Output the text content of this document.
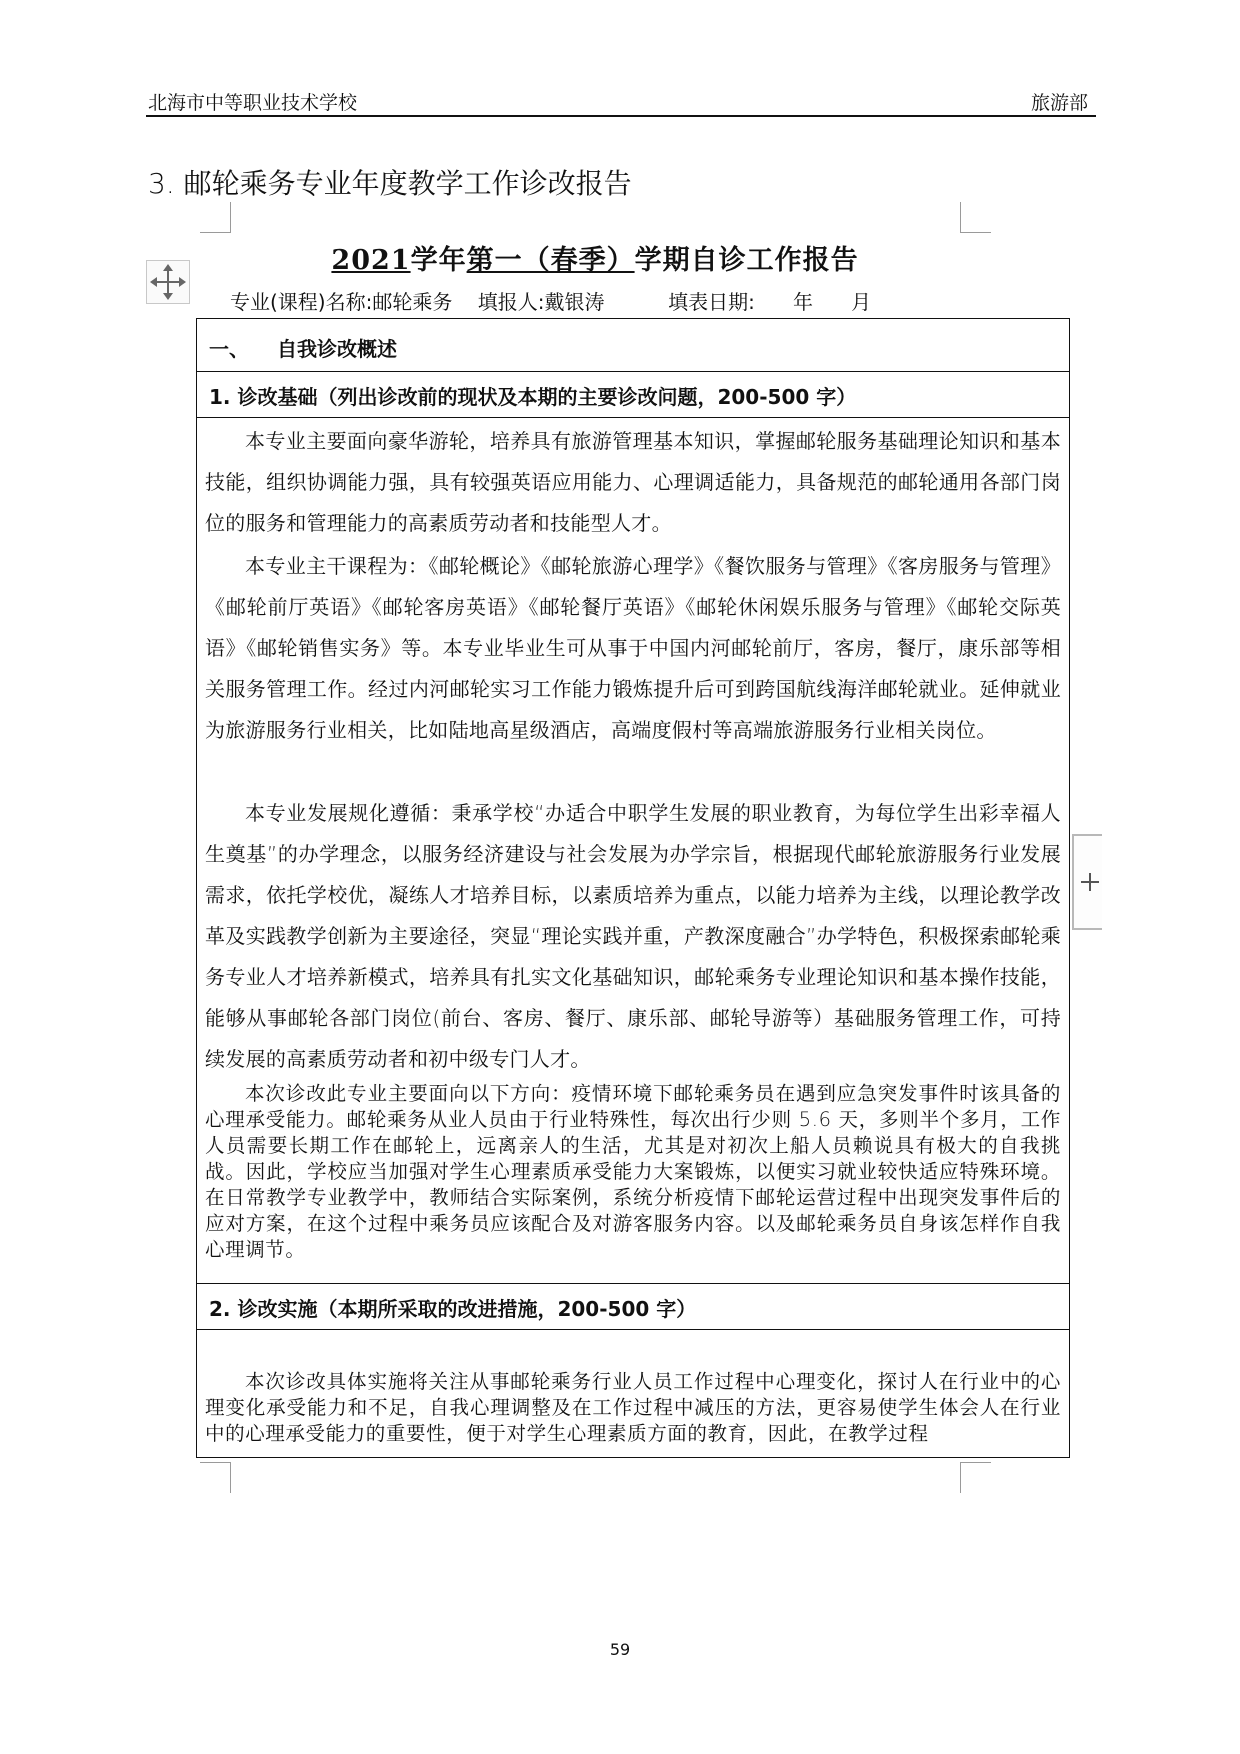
北海市中等职业技术学校	旅游部
3. 邮轮乘务专业年度教学工作诊改报告
2021学年第一（春季）学期自诊工作报告
专业(课程)名称:邮轮乘务    填报人:戴银涛          填表日期:      年      月
一、 自我诊改概述
1. 诊改基础（列出诊改前的现状及本期的主要诊改问题，200-500 字）

本专业主要面向豪华游轮，培养具有旅游管理基本知识，掌握邮轮服务基础理论知识和基本技能，组织协调能力强，具有较强英语应用能力、心理调适能力，具备规范的邮轮通用各部门岗位的服务和管理能力的高素质劳动者和技能型人才。

本专业主干课程为：《邮轮概论》《邮轮旅游心理学》《餐饮服务与管理》《客房服务与管理》《邮轮前厅英语》《邮轮客房英语》《邮轮餐厅英语》《邮轮休闲娱乐服务与管理》《邮轮交际英语》《邮轮销售实务》等。本专业毕业生可从事于中国内河邮轮前厅，客房，餐厅，康乐部等相关服务管理工作。经过内河邮轮实习工作能力锻炼提升后可到跨国航线海洋邮轮就业。延伸就业为旅游服务行业相关，比如陆地高星级酒店，高端度假村等高端旅游服务行业相关岗位。

本专业发展规化遵循：秉承学校“办适合中职学生发展的职业教育，为每位学生出彩幸福人生奠基”的办学理念，以服务经济建设与社会发展为办学宗旨，根据现代邮轮旅游服务行业发展需求，依托学校优，凝练人才培养目标，以素质培养为重点，以能力培养为主线，以理论教学改革及实践教学创新为主要途径，突显“理论实践并重，产教深度融合”办学特色，积极探索邮轮乘务专业人才培养新模式，培养具有扎实文化基础知识，邮轮乘务专业理论知识和基本操作技能，能够从事邮轮各部门岗位(前台、客房、餐厅、康乐部、邮轮导游等）基础服务管理工作，可持续发展的高素质劳动者和初中级专门人才。

本次诊改此专业主要面向以下方向：疫情环境下邮轮乘务员在遇到应急突发事件时该具备的心理承受能力。邮轮乘务从业人员由于行业特殊性，每次出行少则 5.6 天，多则半个多月，工作人员需要长期工作在邮轮上，远离亲人的生活，尤其是对初次上船人员赖说具有极大的自我挑战。因此，学校应当加强对学生心理素质承受能力大案锻炼，以便实习就业较快适应特殊环境。在日常教学专业教学中，教师结合实际案例，系统分析疫情下邮轮运营过程中出现突发事件后的应对方案，在这个过程中乘务员应该配合及对游客服务内容。以及邮轮乘务员自身该怎样作自我心理调节。

2. 诊改实施（本期所采取的改进措施，200-500 字）

本次诊改具体实施将关注从事邮轮乘务行业人员工作过程中心理变化，探讨人在行业中的心理变化承受能力和不足，自我心理调整及在工作过程中减压的方法，更容易使学生体会人在行业中的心理承受能力的重要性，便于对学生心理素质方面的教育，因此，在教学过程

59
